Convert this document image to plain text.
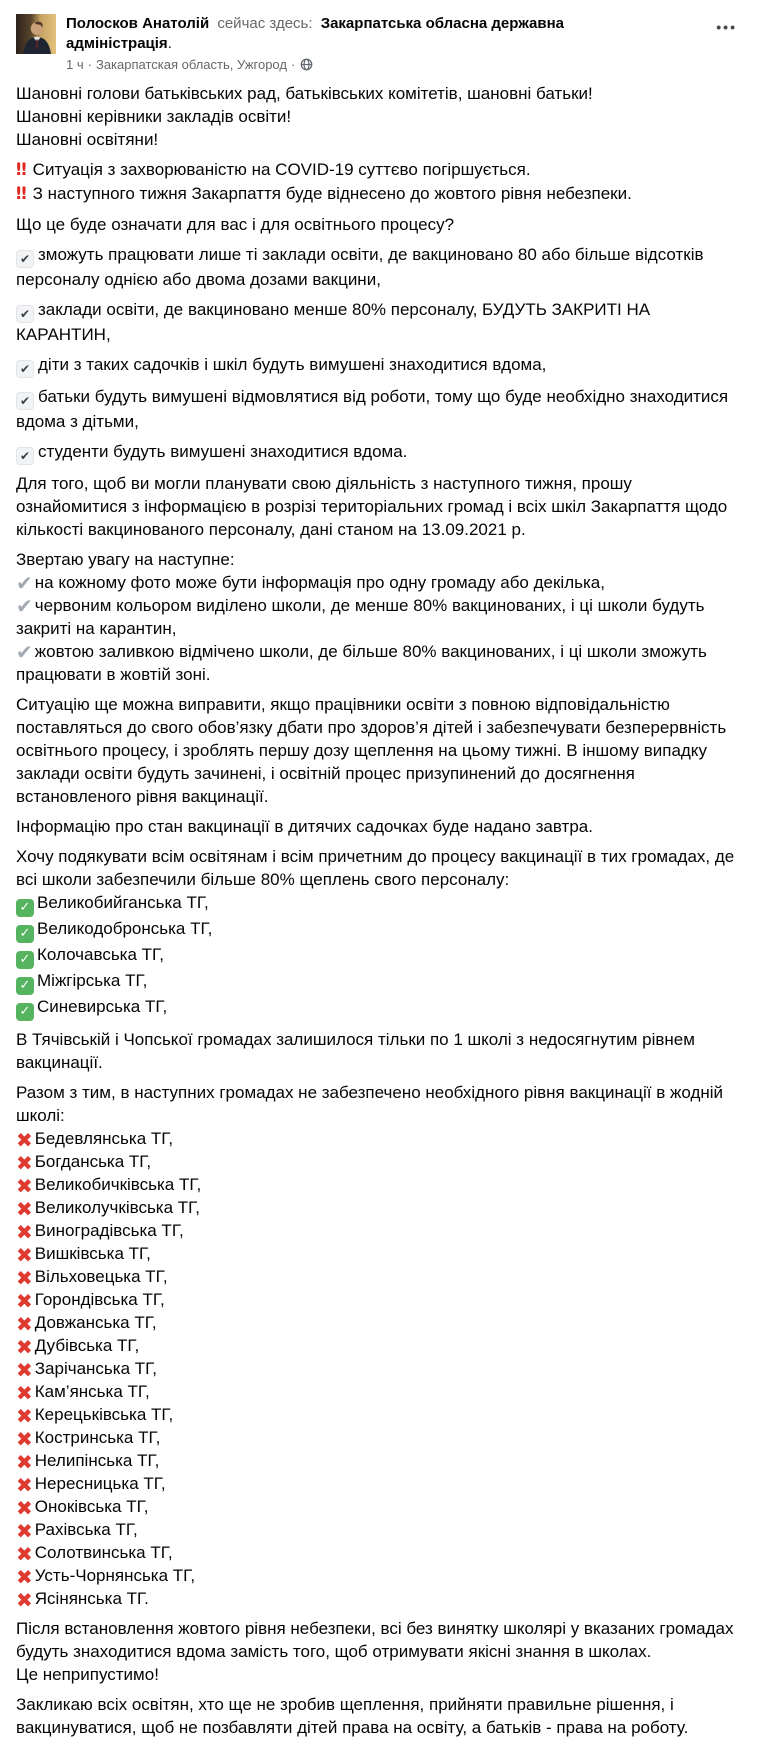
Полосков Анатолій сейчас здесь: Закарпатська обласна державна адміністрація.
1 ч · Закарпатская область, Ужгород ·
•••
Шановні голови батьківських рад, батьківських комітетів, шановні батьки!
Шановні керівники закладів освіти!
Шановні освітяни!
‼ Ситуація з захворюваністю на COVID-19 суттєво погіршується.
‼ З наступного тижня Закарпаття буде віднесено до жовтого рівня небезпеки.
Що це буде означати для вас і для освітнього процесу?
✔ зможуть працювати лише ті заклади освіти, де вакциновано 80 або більше відсотків персоналу однією або двома дозами вакцини,
✔ заклади освіти, де вакциновано менше 80% персоналу, БУДУТЬ ЗАКРИТІ НА КАРАНТИН,
✔ діти з таких садочків і шкіл будуть вимушені знаходитися вдома,
✔ батьки будуть вимушені відмовлятися від роботи, тому що буде необхідно знаходитися вдома з дітьми,
✔ студенти будуть вимушені знаходитися вдома.
Для того, щоб ви могли планувати свою діяльність з наступного тижня, прошу ознайомитися з інформацією в розрізі територіальних громад і всіх шкіл Закарпаття щодо кількості вакцинованого персоналу, дані станом на 13.09.2021 р.
Звертаю увагу на наступне:
✔ на кожному фото може бути інформація про одну громаду або декілька,
✔ червоним кольором виділено школи, де менше 80% вакцинованих, і ці школи будуть закриті на карантин,
✔ жовтою заливкою відмічено школи, де більше 80% вакцинованих, і ці школи зможуть працювати в жовтій зоні.
Ситуацію ще можна виправити, якщо працівники освіти з повною відповідальністю поставляться до свого обов’язку дбати про здоров’я дітей і забезпечувати безперервність освітнього процесу, і зроблять першу дозу щеплення на цьому тижні. В іншому випадку заклади освіти будуть зачинені, і освітній процес призупинений до досягнення встановленого рівня вакцинації.
Інформацію про стан вакцинації в дитячих садочках буде надано завтра.
Хочу подякувати всім освітянам і всім причетним до процесу вакцинації в тих громадах, де всі школи забезпечили більше 80% щеплень свого персоналу:
✓ Великобийганська ТГ,
✓ Великодобронська ТГ,
✓ Колочавська ТГ,
✓ Міжгірська ТГ,
✓ Синевирська ТГ,
В Тячівській і Чопської громадах залишилося тільки по 1 школі з недосягнутим рівнем вакцинації.
Разом з тим, в наступних громадах не забезпечено необхідного рівня вакцинації в жодній школі:
✖ Бедевлянська ТГ,
✖ Богданська ТГ,
✖ Великобичківська ТГ,
✖ Великолучківська ТГ,
✖ Виноградівська ТГ,
✖ Вишківська ТГ,
✖ Вільховецька ТГ,
✖ Горондівська ТГ,
✖ Довжанська ТГ,
✖ Дубівська ТГ,
✖ Зарічанська ТГ,
✖ Кам’янська ТГ,
✖ Керецьківська ТГ,
✖ Костринська ТГ,
✖ Нелипінська ТГ,
✖ Нересницька ТГ,
✖ Оноківська ТГ,
✖ Рахівська ТГ,
✖ Солотвинська ТГ,
✖ Усть-Чорнянська ТГ,
✖ Ясінянська ТГ.
Після встановлення жовтого рівня небезпеки, всі без винятку школярі у вказаних громадах будуть знаходитися вдома замість того, щоб отримувати якісні знання в школах.
Це неприпустимо!
Закликаю всіх освітян, хто ще не зробив щеплення, прийняти правильне рішення, і вакцинуватися, щоб не позбавляти дітей права на освіту, а батьків - права на роботу.
